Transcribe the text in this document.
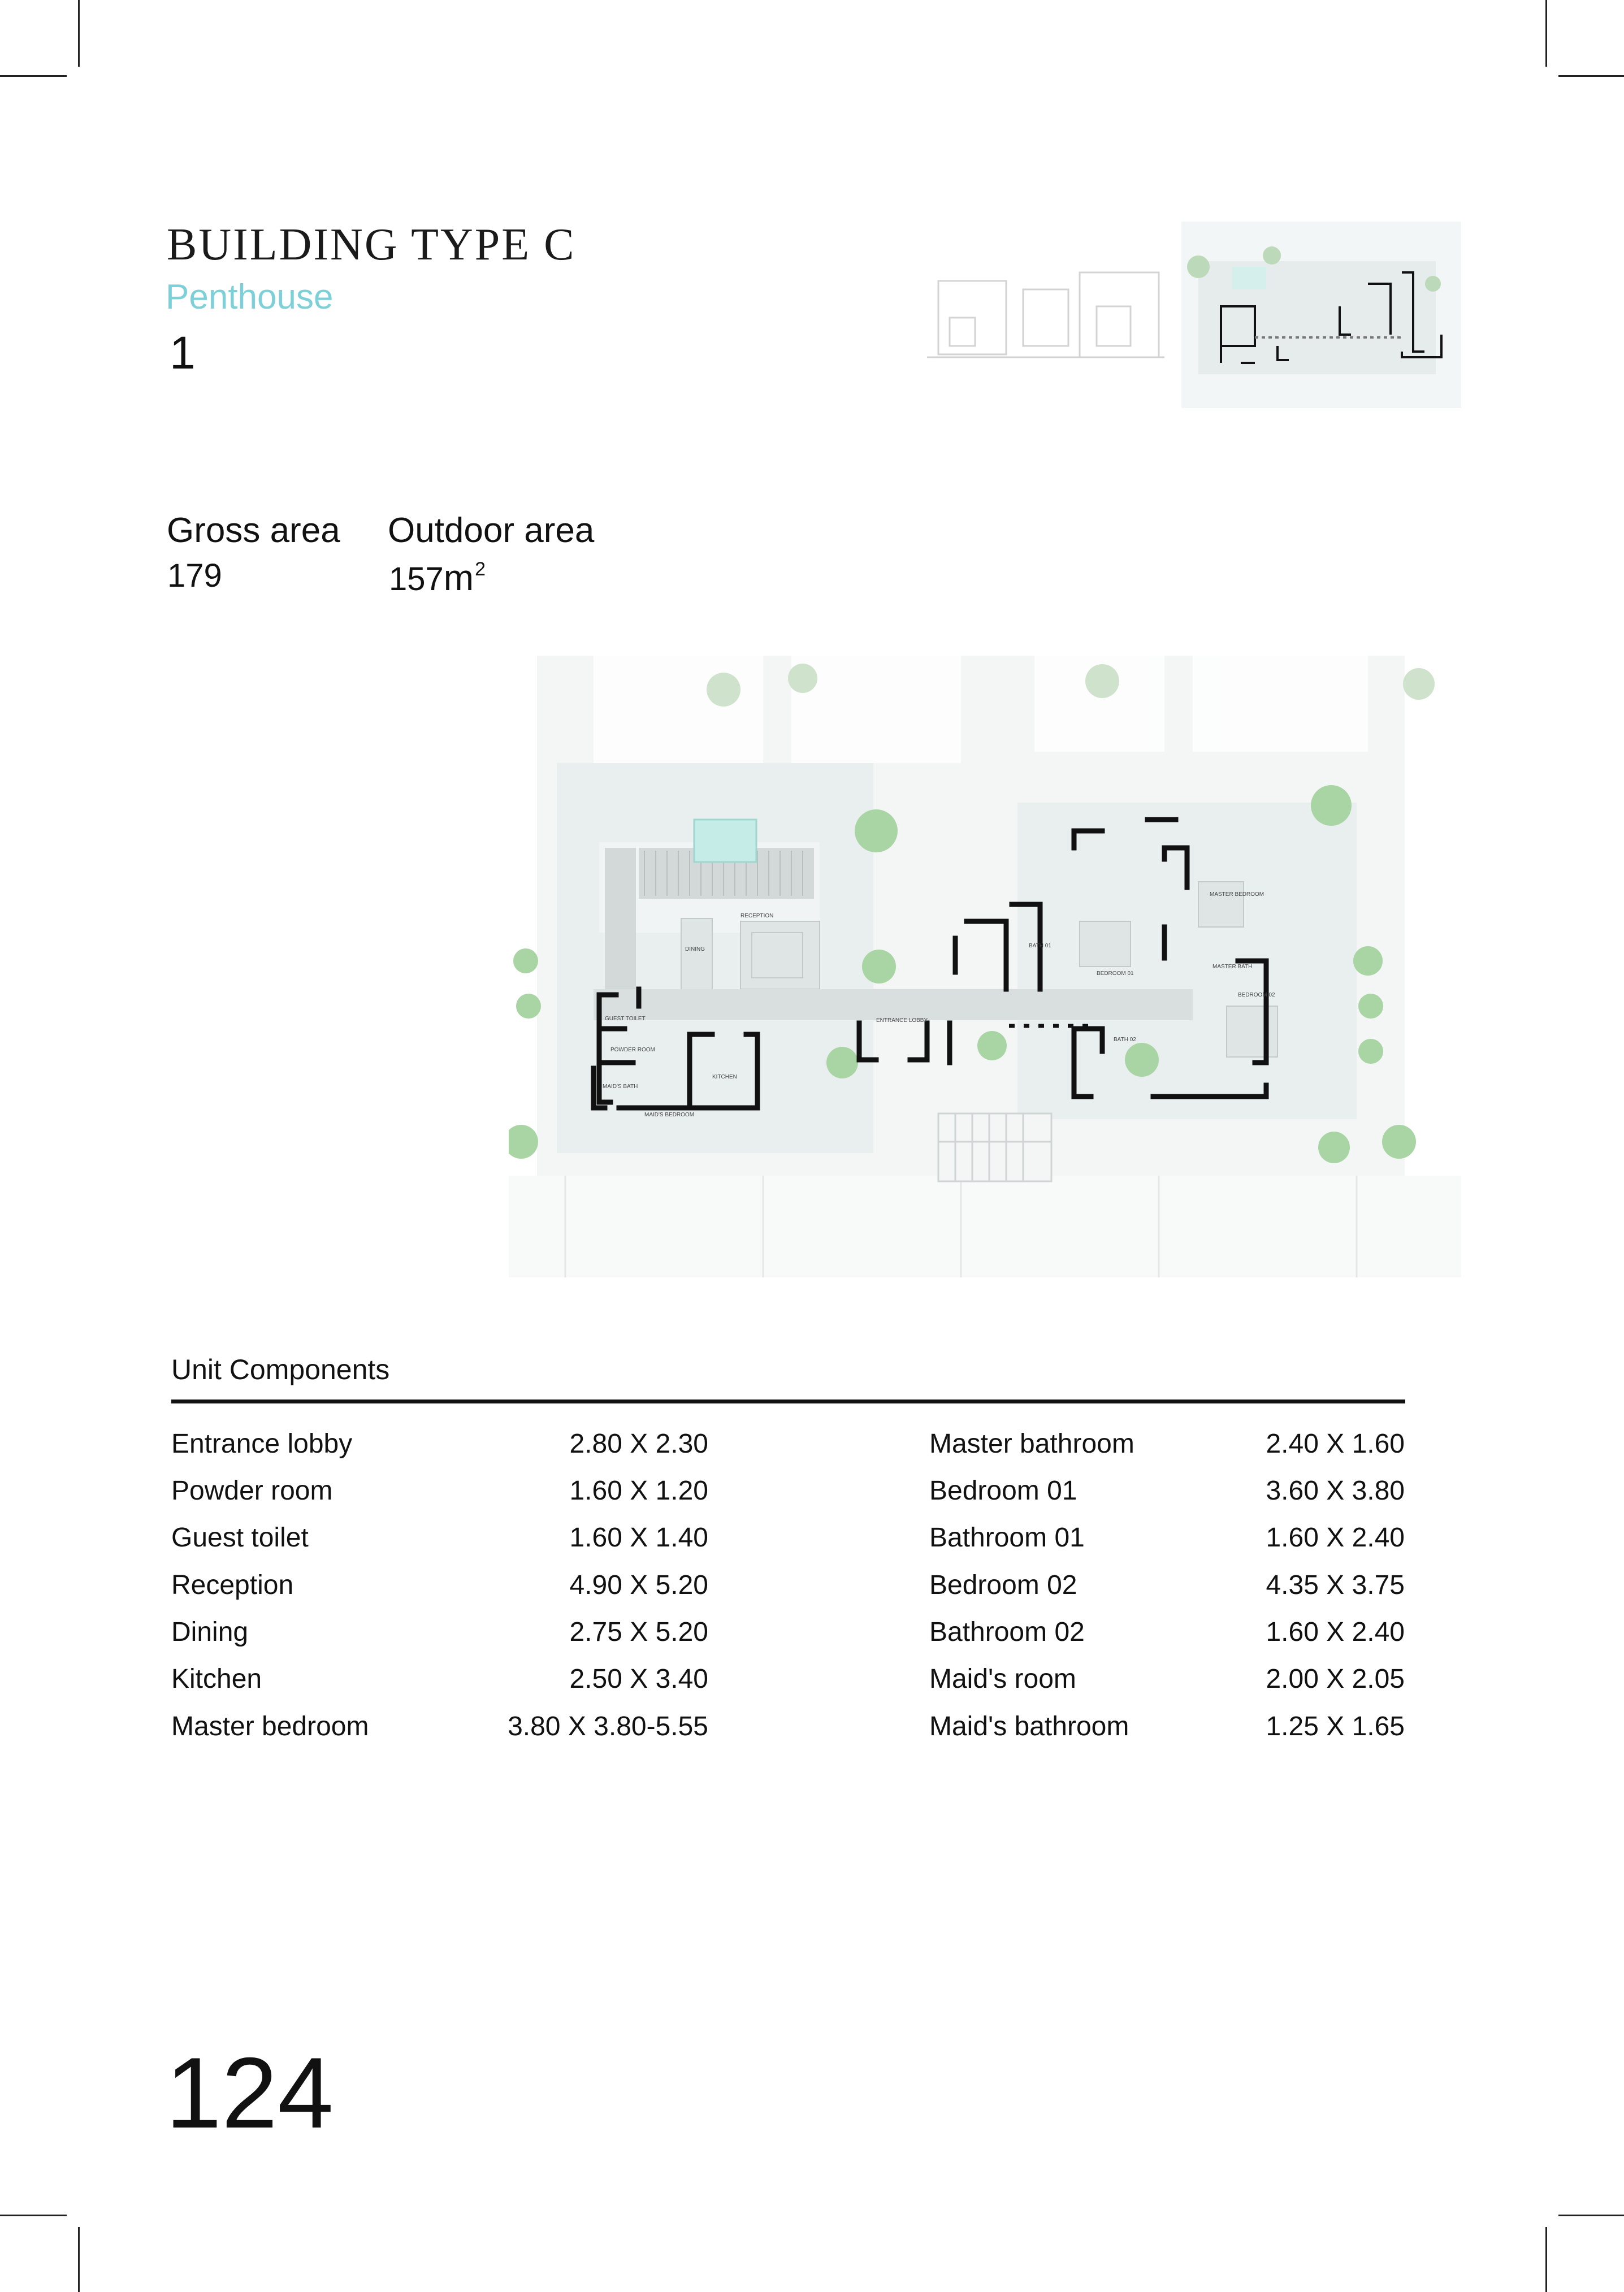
BUILDING TYPE C
Penthouse
1
Gross area
179
Outdoor area
$157m^2$
RECEPTION
DINING
KITCHEN
ENTRANCE LOBBY
GUEST TOILET
POWDER ROOM
MAID'S BATH
MAID'S BEDROOM
BATH 01
BEDROOM 01
MASTER BEDROOM
MASTER BATH
BEDROOM 02
BATH 02
Unit Components
Entrance lobby	2.80 X 2.30
Powder room	1.60 X 1.20
Guest toilet	1.60 X 1.40
Reception	4.90 X 5.20
Dining	2.75 X 5.20
Kitchen	2.50 X 3.40
Master bedroom	3.80 X 3.80-5.55
Master bathroom	2.40 X 1.60
Bedroom 01	3.60 X 3.80
Bathroom 01	1.60 X 2.40
Bedroom 02	4.35 X 3.75
Bathroom 02	1.60 X 2.40
Maid's room	2.00 X 2.05
Maid's bathroom	1.25 X 1.65
124
